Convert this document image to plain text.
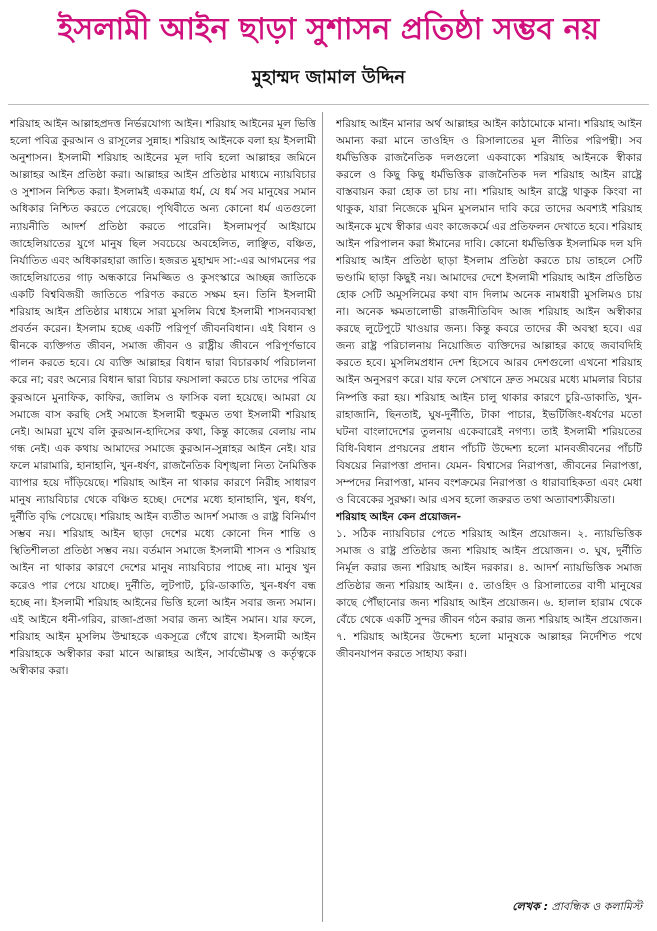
ইসলামী আইন ছাড়া সুশাসন প্রতিষ্ঠা সম্ভব নয়
মুহাম্মদ জামাল উদ্দিন

শরিয়াহ আইন আল্লাহপ্রদত্ত নির্ভরযোগ্য আইন। শরিয়াহ আইনের মূল ভিত্তি হলো পবিত্র কুরআন ও রাসূলের সুন্নাহ। শরিয়াহ আইনকে বলা হয় ইসলামী অনুশাসন। ইসলামী শরিয়াহ আইনের মূল দাবি হলো আল্লাহর জমিনে আল্লাহর আইন প্রতিষ্ঠা করা। আল্লাহর আইন প্রতিষ্ঠার মাধ্যমে ন্যায়বিচার ও সুশাসন নিশ্চিত করা। ইসলামই একমাত্র ধর্ম, যে ধর্ম সব মানুষের সমান অধিকার নিশ্চিত করতে পেরেছে। পৃথিবীতে অন্য কোনো ধর্ম এতগুলো ন্যায়নীতি আদর্শ প্রতিষ্ঠা করতে পারেনি। ইসলামপূর্ব আইয়ামে জাহেলিয়াতের যুগে মানুষ ছিল সবচেয়ে অবহেলিত, লাঞ্ছিত, বঞ্চিত, নির্যাতিত এবং অধিকারহারা জাতি। হজরত মুহাম্মদ সা:-এর আগমনের পর জাহেলিয়াতের গাঢ় অন্ধকারে নিমজ্জিত ও কুসংস্কারে আচ্ছন্ন জাতিকে একটি বিশ্ববিজয়ী জাতিতে পরিণত করতে সক্ষম হন। তিনি ইসলামী শরিয়াহ আইন প্রতিষ্ঠার মাধ্যমে সারা মুসলিম বিশ্বে ইসলামী শাসনব্যবস্থা প্রবর্তন করেন। ইসলাম হচ্ছে একটি পরিপূর্ণ জীবনবিধান। এই বিধান ও দ্বীনকে ব্যক্তিগত জীবন, সমাজ জীবন ও রাষ্ট্রীয় জীবনে পরিপূর্ণভাবে পালন করতে হবে। যে ব্যক্তি আল্লাহর বিধান দ্বারা বিচারকার্য পরিচালনা করে না; বরং অন্যের বিধান দ্বারা বিচার ফয়সালা করতে চায় তাদের পবিত্র কুরআনে মুনাফিক, কাফির, জালিম ও ফাসিক বলা হয়েছে। আমরা যে সমাজে বাস করছি সেই সমাজে ইসলামী হুকুমত তথা ইসলামী শরিয়াহ নেই। আমরা মুখে বলি কুরআন-হাদিসের কথা, কিন্তু কাজের বেলায় নাম গন্ধ নেই। এক কথায় আমাদের সমাজে কুরআন-সুন্নাহর আইন নেই। যার ফলে মারামারি, হানাহানি, খুন-ধর্ষণ, রাজনৈতিক বিশৃঙ্খলা নিত্য নৈমিত্তিক ব্যাপার হয়ে দাঁড়িয়েছে। শরিয়াহ আইন না থাকার কারণে নিরীহ সাধারণ মানুষ ন্যায়বিচার থেকে বঞ্চিত হচ্ছে। দেশের মধ্যে হানাহানি, খুন, ধর্ষণ, দুর্নীতি বৃদ্ধি পেয়েছে। শরিয়াহ আইন ব্যতীত আদর্শ সমাজ ও রাষ্ট্র বিনির্মাণ সম্ভব নয়। শরিয়াহ আইন ছাড়া দেশের মধ্যে কোনো দিন শান্তি ও স্থিতিশীলতা প্রতিষ্ঠা সম্ভব নয়। বর্তমান সমাজে ইসলামী শাসন ও শরিয়াহ আইন না থাকার কারণে দেশের মানুষ ন্যায়বিচার পাচ্ছে না। মানুষ খুন করেও পার পেয়ে যাচ্ছে। দুর্নীতি, লুটপাট, চুরি-ডাকাতি, খুন-ধর্ষণ বন্ধ হচ্ছে না। ইসলামী শরিয়াহ আইনের ভিত্তি হলো আইন সবার জন্য সমান। এই আইনে ধনী-গরিব, রাজা-প্রজা সবার জন্য আইন সমান। যার ফলে, শরিয়াহ আইন মুসলিম উম্মাহকে একসূত্রে গেঁথে রাখে। ইসলামী আইন শরিয়াহকে অস্বীকার করা মানে আল্লাহর আইন, সার্বভৌমত্ব ও কর্তৃত্বকে অস্বীকার করা।

শরিয়াহ আইন মানার অর্থ আল্লাহর আইন কাঠামোকে মানা। শরিয়াহ আইন অমান্য করা মানে তাওহিদ ও রিসালাতের মূল নীতির পরিপন্থী। সব ধর্মভিত্তিক রাজনৈতিক দলগুলো একবাক্যে শরিয়াহ আইনকে স্বীকার করলে ও কিছু কিছু ধর্মভিত্তিক রাজনৈতিক দল শরিয়াহ আইন রাষ্ট্রে বাস্তবায়ন করা হোক তা চায় না। শরিয়াহ আইন রাষ্ট্রে থাকুক কিংবা না থাকুক, যারা নিজেকে মুমিন মুসলমান দাবি করে তাদের অবশ্যই শরিয়াহ আইনকে মুখে স্বীকার এবং কাজেকর্মে এর প্রতিফলন দেখাতে হবে। শরিয়াহ আইন পরিপালন করা ঈমানের দাবি। কোনো ধর্মভিত্তিক ইসলামিক দল যদি শরিয়াহ আইন প্রতিষ্ঠা ছাড়া ইসলাম প্রতিষ্ঠা করতে চায় তাহলে সেটি ভণ্ডামি ছাড়া কিছুই নয়। আমাদের দেশে ইসলামী শরিয়াহ আইন প্রতিষ্ঠিত হোক সেটি অমুসলিমের কথা বাদ দিলাম অনেক নামধারী মুসলিমও চায় না। অনেক ক্ষমতালোভী রাজনীতিবিদ আজ শরিয়াহ আইন অস্বীকার করছে লুটেপুটে খাওয়ার জন্য। কিন্তু কবরে তাদের কী অবস্থা হবে। এর জন্য রাষ্ট্র পরিচালনায় নিয়োজিত ব্যক্তিদের আল্লাহর কাছে জবাবদিহি করতে হবে। মুসলিমপ্রধান দেশ হিসেবে আরব দেশগুলো এখনো শরিয়াহ আইন অনুসরণ করে। যার ফলে সেখানে দ্রুত সময়ের মধ্যে মামলার বিচার নিষ্পত্তি করা হয়। শরিয়াহ আইন চালু থাকার কারণে চুরি-ডাকাতি, খুন-রাহাজানি, ছিনতাই, ঘুষ-দুর্নীতি, টাকা পাচার, ইভটিজিং-ধর্ষণের মতো ঘটনা বাংলাদেশের তুলনায় একেবারেই নগণ্য। তাই ইসলামী শরিয়তের বিধি-বিধান প্রণয়নের প্রধান পাঁচটি উদ্দেশ্য হলো মানবজীবনের পাঁচটি বিষয়ের নিরাপত্তা প্রদান। যেমন- বিশ্বাসের নিরাপত্তা, জীবনের নিরাপত্তা, সম্পদের নিরাপত্তা, মানব বংশক্রমের নিরাপত্তা ও ধারাবাহিকতা এবং মেধা ও বিবেকের সুরক্ষা। আর এসব হলো জরুরত তথা অত্যাবশ্যকীয়তা।

শরিয়াহ আইন কেন প্রয়োজন-

১. সঠিক ন্যায়বিচার পেতে শরিয়াহ আইন প্রয়োজন। ২. ন্যায়ভিত্তিক সমাজ ও রাষ্ট্র প্রতিষ্ঠার জন্য শরিয়াহ আইন প্রয়োজন। ৩. ঘুষ, দুর্নীতি নির্মূল করার জন্য শরিয়াহ আইন দরকার। ৪. আদর্শ ন্যায়ভিত্তিক সমাজ প্রতিষ্ঠার জন্য শরিয়াহ আইন। ৫. তাওহিদ ও রিসালাতের বাণী মানুষের কাছে পৌঁছানোর জন্য শরিয়াহ আইন প্রয়োজন। ৬. হালাল হারাম থেকে বেঁচে থেকে একটি সুন্দর জীবন গঠন করার জন্য শরিয়াহ আইন প্রয়োজন। ৭. শরিয়াহ আইনের উদ্দেশ্য হলো মানুষকে আল্লাহর নির্দেশিত পথে জীবনযাপন করতে সাহায্য করা।

লেখক : প্রাবন্ধিক ও কলামিস্ট
